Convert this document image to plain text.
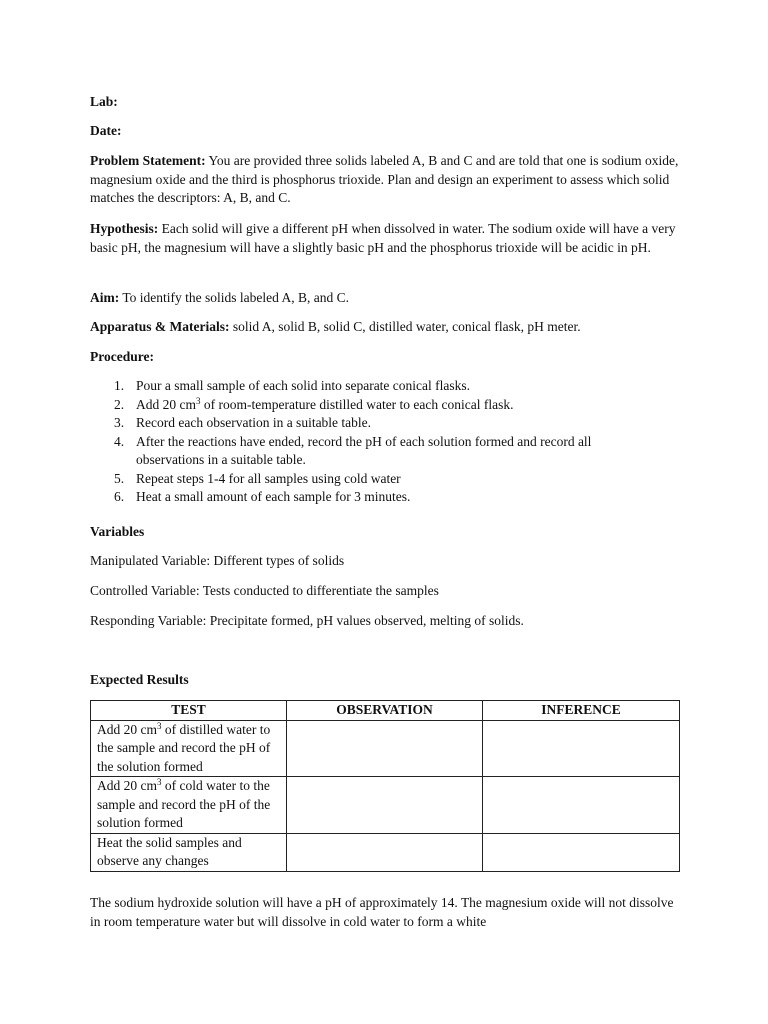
Lab:
Date:
Problem Statement: You are provided three solids labeled A, B and C and are told that one is sodium oxide, magnesium oxide and the third is phosphorus trioxide. Plan and design an experiment to assess which solid matches the descriptors: A, B, and C.
Hypothesis: Each solid will give a different pH when dissolved in water. The sodium oxide will have a very basic pH, the magnesium will have a slightly basic pH and the phosphorus trioxide will be acidic in pH.
Aim: To identify the solids labeled A, B, and C.
Apparatus & Materials: solid A, solid B, solid C, distilled water, conical flask, pH meter.
Procedure:
1. Pour a small sample of each solid into separate conical flasks.
2. Add 20 $cm^3$ of room-temperature distilled water to each conical flask.
3. Record each observation in a suitable table.
4. After the reactions have ended, record the pH of each solution formed and record all observations in a suitable table.
5. Repeat steps 1-4 for all samples using cold water
6. Heat a small amount of each sample for 3 minutes.
Variables
Manipulated Variable: Different types of solids
Controlled Variable: Tests conducted to differentiate the samples
Responding Variable: Precipitate formed, pH values observed, melting of solids.
Expected Results
TEST	OBSERVATION	INFERENCE
Add 20 $cm^3$ of distilled water to the sample and record the pH of the solution formed		
Add 20 $cm^3$ of cold water to the sample and record the pH of the solution formed		
Heat the solid samples and observe any changes		
The sodium hydroxide solution will have a pH of approximately 14. The magnesium oxide will not dissolve in room temperature water but will dissolve in cold water to form a white
